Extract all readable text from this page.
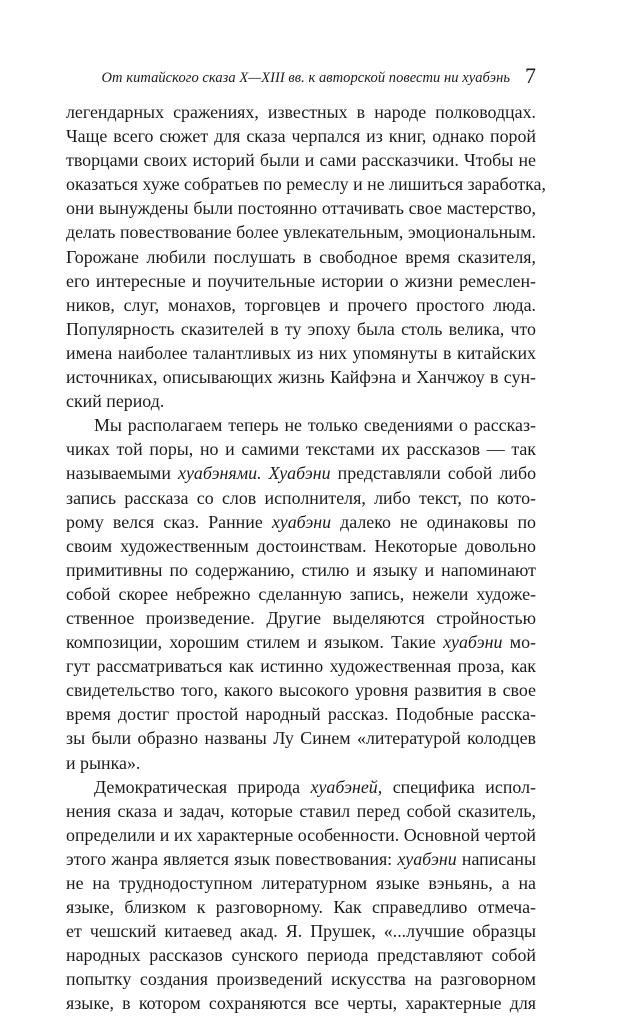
От китайского сказа X—XIII вв. к авторской повести ни хуабэнь 7
легендарных сражениях, известных в народе полководцах.
Чаще всего сюжет для сказа черпался из книг, однако порой
творцами своих историй были и сами рассказчики. Чтобы не
оказаться хуже собратьев по ремеслу и не лишиться заработка,
они вынуждены были постоянно оттачивать свое мастерство,
делать повествование более увлекательным, эмоциональным.
Горожане любили послушать в свободное время сказителя,
его интересные и поучительные истории о жизни ремеслен-
ников, слуг, монахов, торговцев и прочего простого люда.
Популярность сказителей в ту эпоху была столь велика, что
имена наиболее талантливых из них упомянуты в китайских
источниках, описывающих жизнь Кайфэна и Ханчжоу в сун-
ский период.
Мы располагаем теперь не только сведениями о рассказ-
чиках той поры, но и самими текстами их рассказов — так
называемыми хуабэнями. Хуабэни представляли собой либо
запись рассказа со слов исполнителя, либо текст, по кото-
рому велся сказ. Ранние хуабэни далеко не одинаковы по
своим художественным достоинствам. Некоторые довольно
примитивны по содержанию, стилю и языку и напоминают
собой скорее небрежно сделанную запись, нежели художе-
ственное произведение. Другие выделяются стройностью
композиции, хорошим стилем и языком. Такие хуабэни мо-
гут рассматриваться как истинно художественная проза, как
свидетельство того, какого высокого уровня развития в свое
время достиг простой народный рассказ. Подобные расска-
зы были образно названы Лу Синем «литературой колодцев
и рынка».
Демократическая природа хуабэней, специфика испол-
нения сказа и задач, которые ставил перед собой сказитель,
определили и их характерные особенности. Основной чертой
этого жанра является язык повествования: хуабэни написаны
не на труднодоступном литературном языке вэньянь, а на
языке, близком к разговорному. Как справедливо отмеча-
ет чешский китаевед акад. Я. Прушек, «...лучшие образцы
народных рассказов сунского периода представляют собой
попытку создания произведений искусства на разговорном
языке, в котором сохраняются все черты, характерные для
